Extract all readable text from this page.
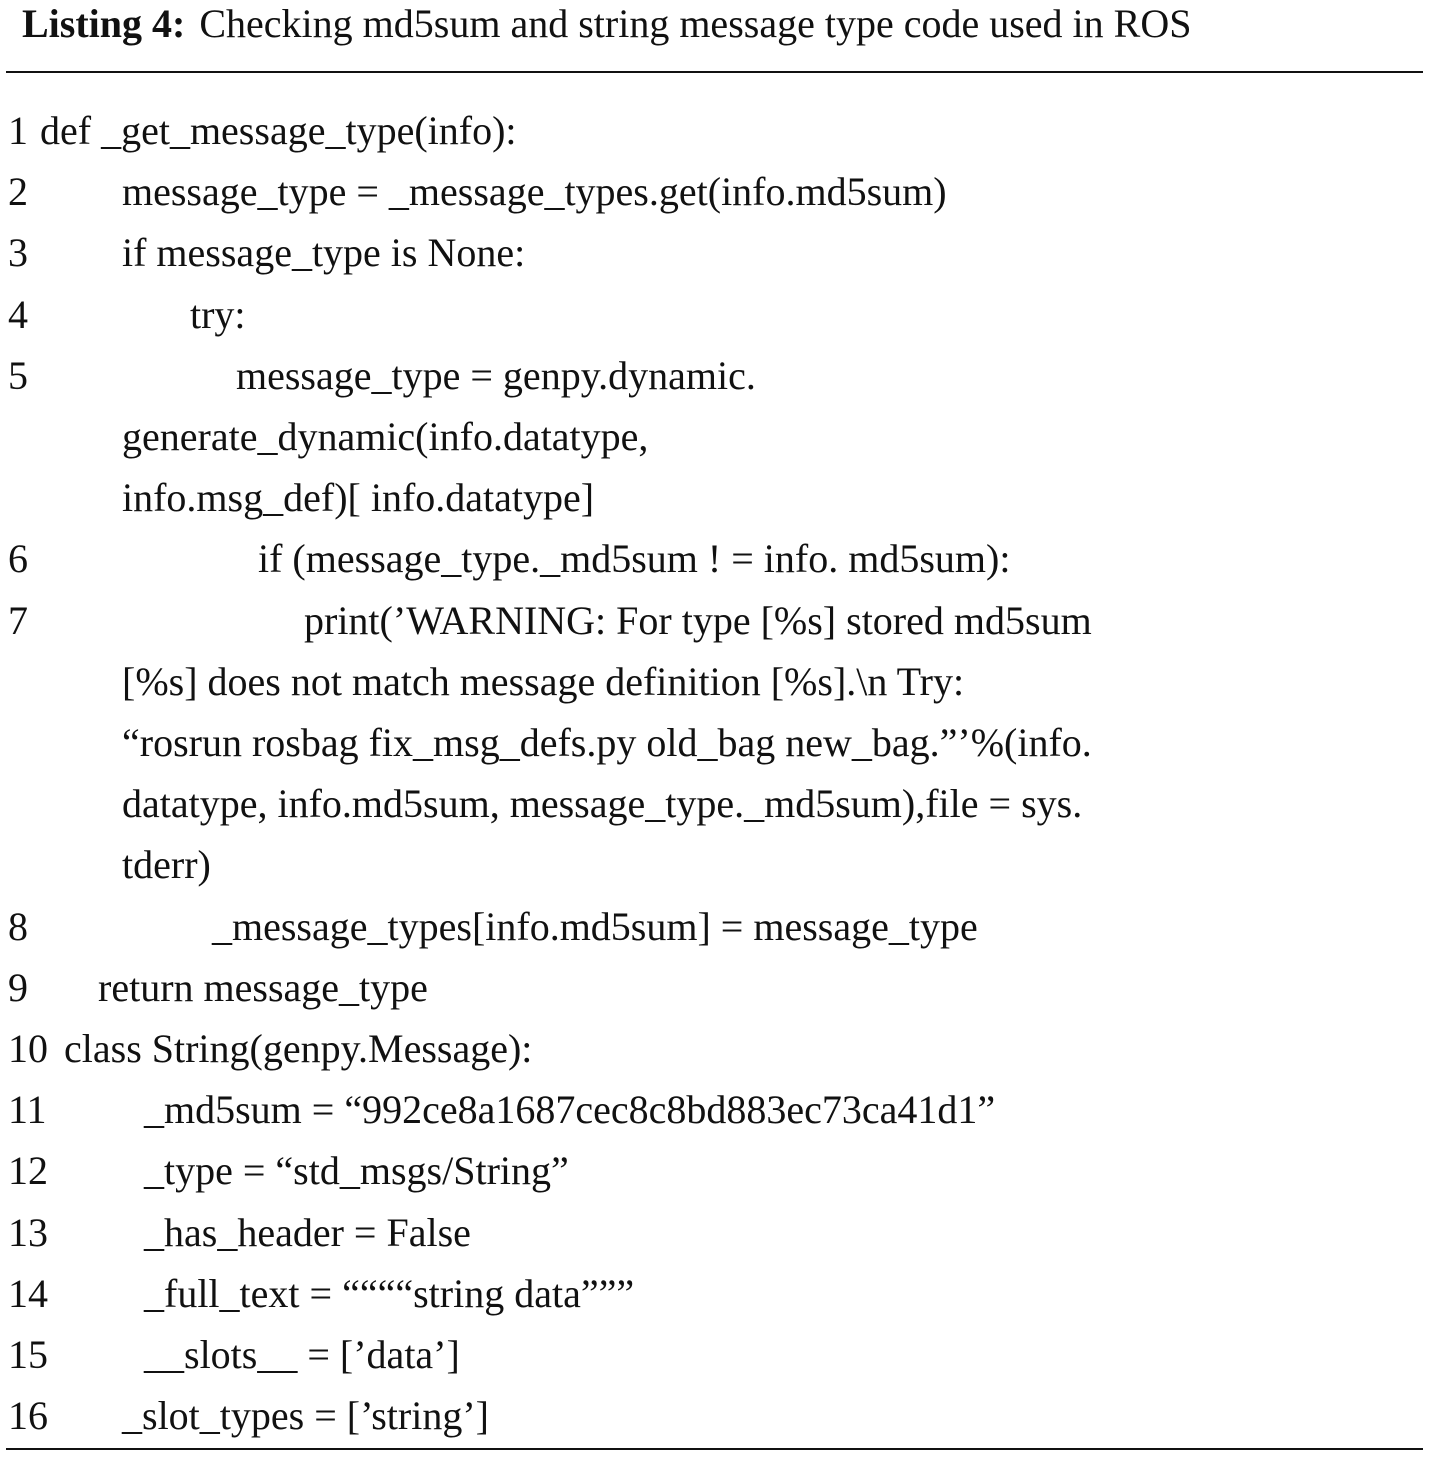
Listing 4: Checking md5sum and string message type code used in ROS
1 def _get_message_type(info):
2 message_type = _message_types.get(info.md5sum)
3 if message_type is None:
4	try:
5	message_type = genpy.dynamic.
generate_dynamic(info.datatype,
info.msg_def)[ info.datatype]
6	if (message_type._md5sum ! = info. md5sum):
7	print(’WARNING: For type [%s] stored md5sum
[%s] does not match message definition [%s].\n Try:
“rosrun rosbag fix_msg_defs.py old_bag new_bag.”’%(info.
datatype, info.md5sum, message_type._md5sum),file = sys.
tderr)
8	_message_types[info.md5sum] = message_type
9 return message_type
10 class String(genpy.Message):
11 _md5sum = “992ce8a1687cec8c8bd883ec73ca41d1”
12 _type = “std_msgs/String”
13 _has_header = False
14 _full_text = ““““string data”””
15 __slots__ = [’data’]
16 _slot_types = [’string’]
